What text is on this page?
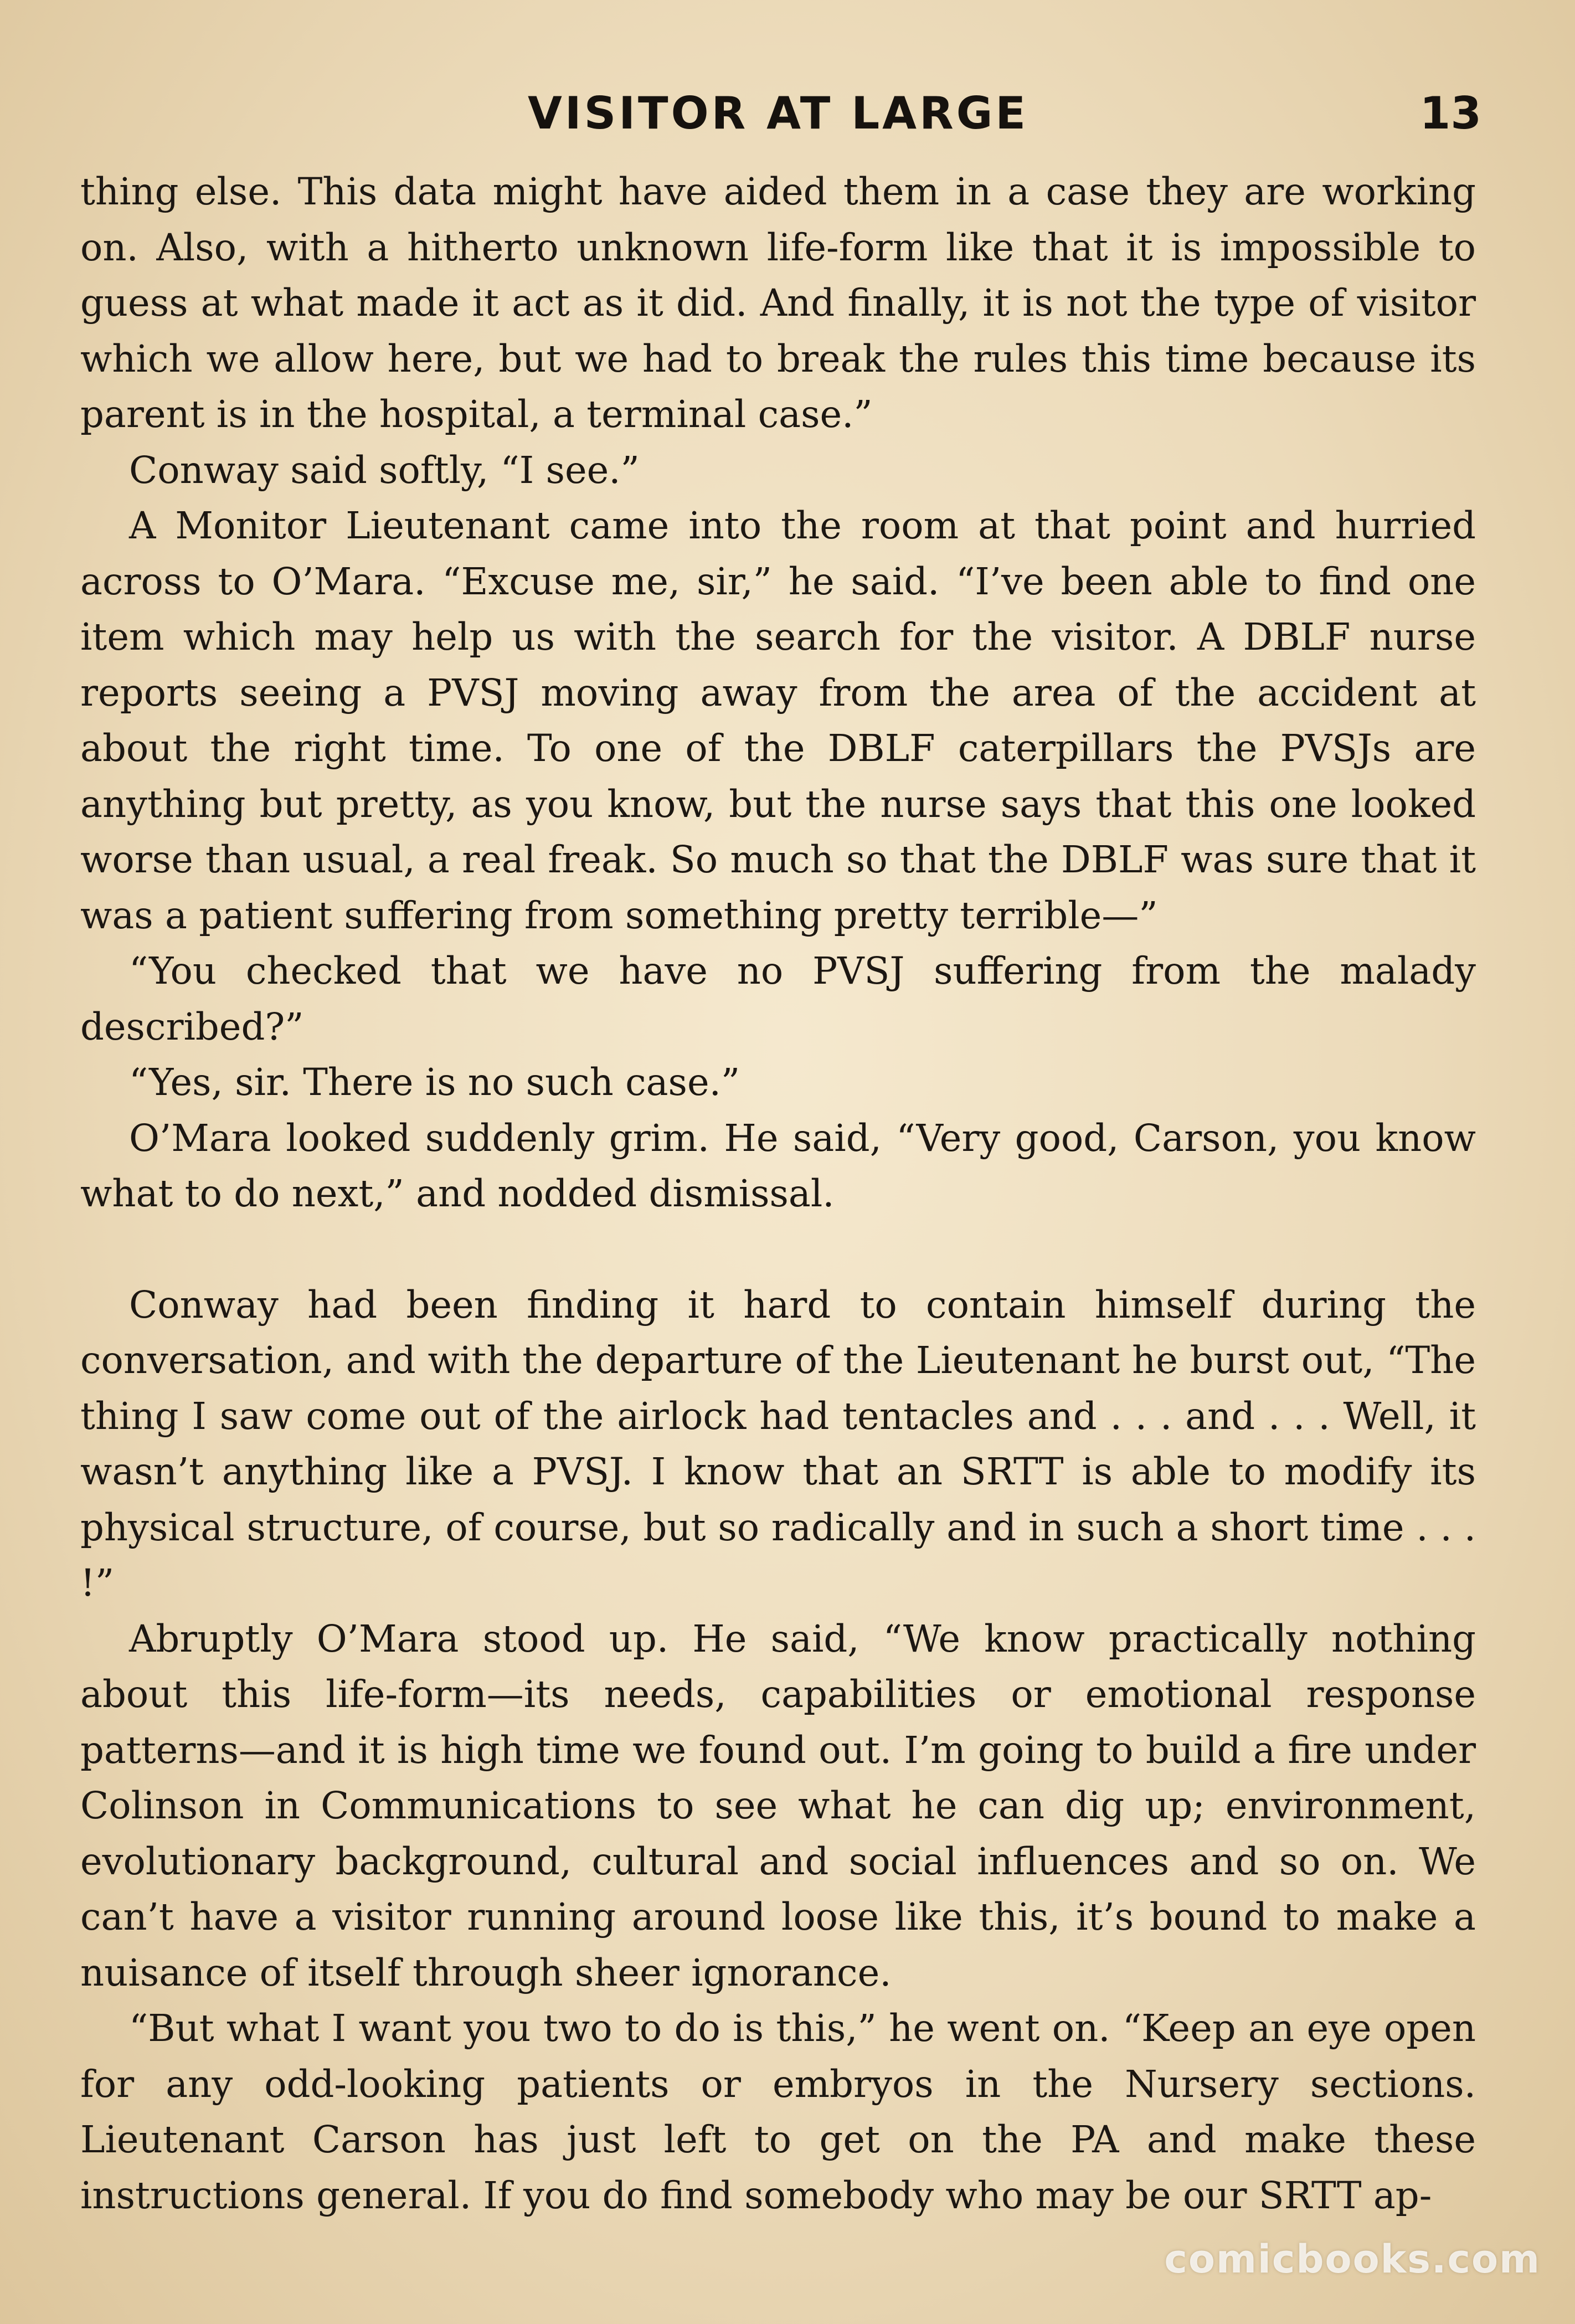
VISITOR AT LARGE	13

thing else. This data might have aided them in a case they are working on. Also, with a hitherto unknown life-form like that it is impossible to guess at what made it act as it did. And finally, it is not the type of visitor which we allow here, but we had to break the rules this time because its parent is in the hospital, a terminal case.”

Conway said softly, “I see.”

A Monitor Lieutenant came into the room at that point and hurried across to O’Mara. “Excuse me, sir,” he said. “I’ve been able to find one item which may help us with the search for the visitor. A DBLF nurse reports seeing a PVSJ moving away from the area of the accident at about the right time. To one of the DBLF caterpillars the PVSJs are anything but pretty, as you know, but the nurse says that this one looked worse than usual, a real freak. So much so that the DBLF was sure that it was a patient suffering from something pretty terrible—”

“You checked that we have no PVSJ suffering from the malady described?”

“Yes, sir. There is no such case.”

O’Mara looked suddenly grim. He said, “Very good, Carson, you know what to do next,” and nodded dismissal.

Conway had been finding it hard to contain himself during the conversation, and with the departure of the Lieutenant he burst out, “The thing I saw come out of the airlock had tentacles and . . . and . . . Well, it wasn’t anything like a PVSJ. I know that an SRTT is able to modify its physical structure, of course, but so radically and in such a short time . . . !”

Abruptly O’Mara stood up. He said, “We know practically nothing about this life-form—its needs, capabilities or emotional response patterns—and it is high time we found out. I’m going to build a fire under Colinson in Communications to see what he can dig up; environment, evolutionary background, cultural and social influences and so on. We can’t have a visitor running around loose like this, it’s bound to make a nuisance of itself through sheer ignorance.

“But what I want you two to do is this,” he went on. “Keep an eye open for any odd-looking patients or embryos in the Nursery sections. Lieutenant Carson has just left to get on the PA and make these instructions general. If you do find somebody who may be our SRTT ap-

comicbooks.com
